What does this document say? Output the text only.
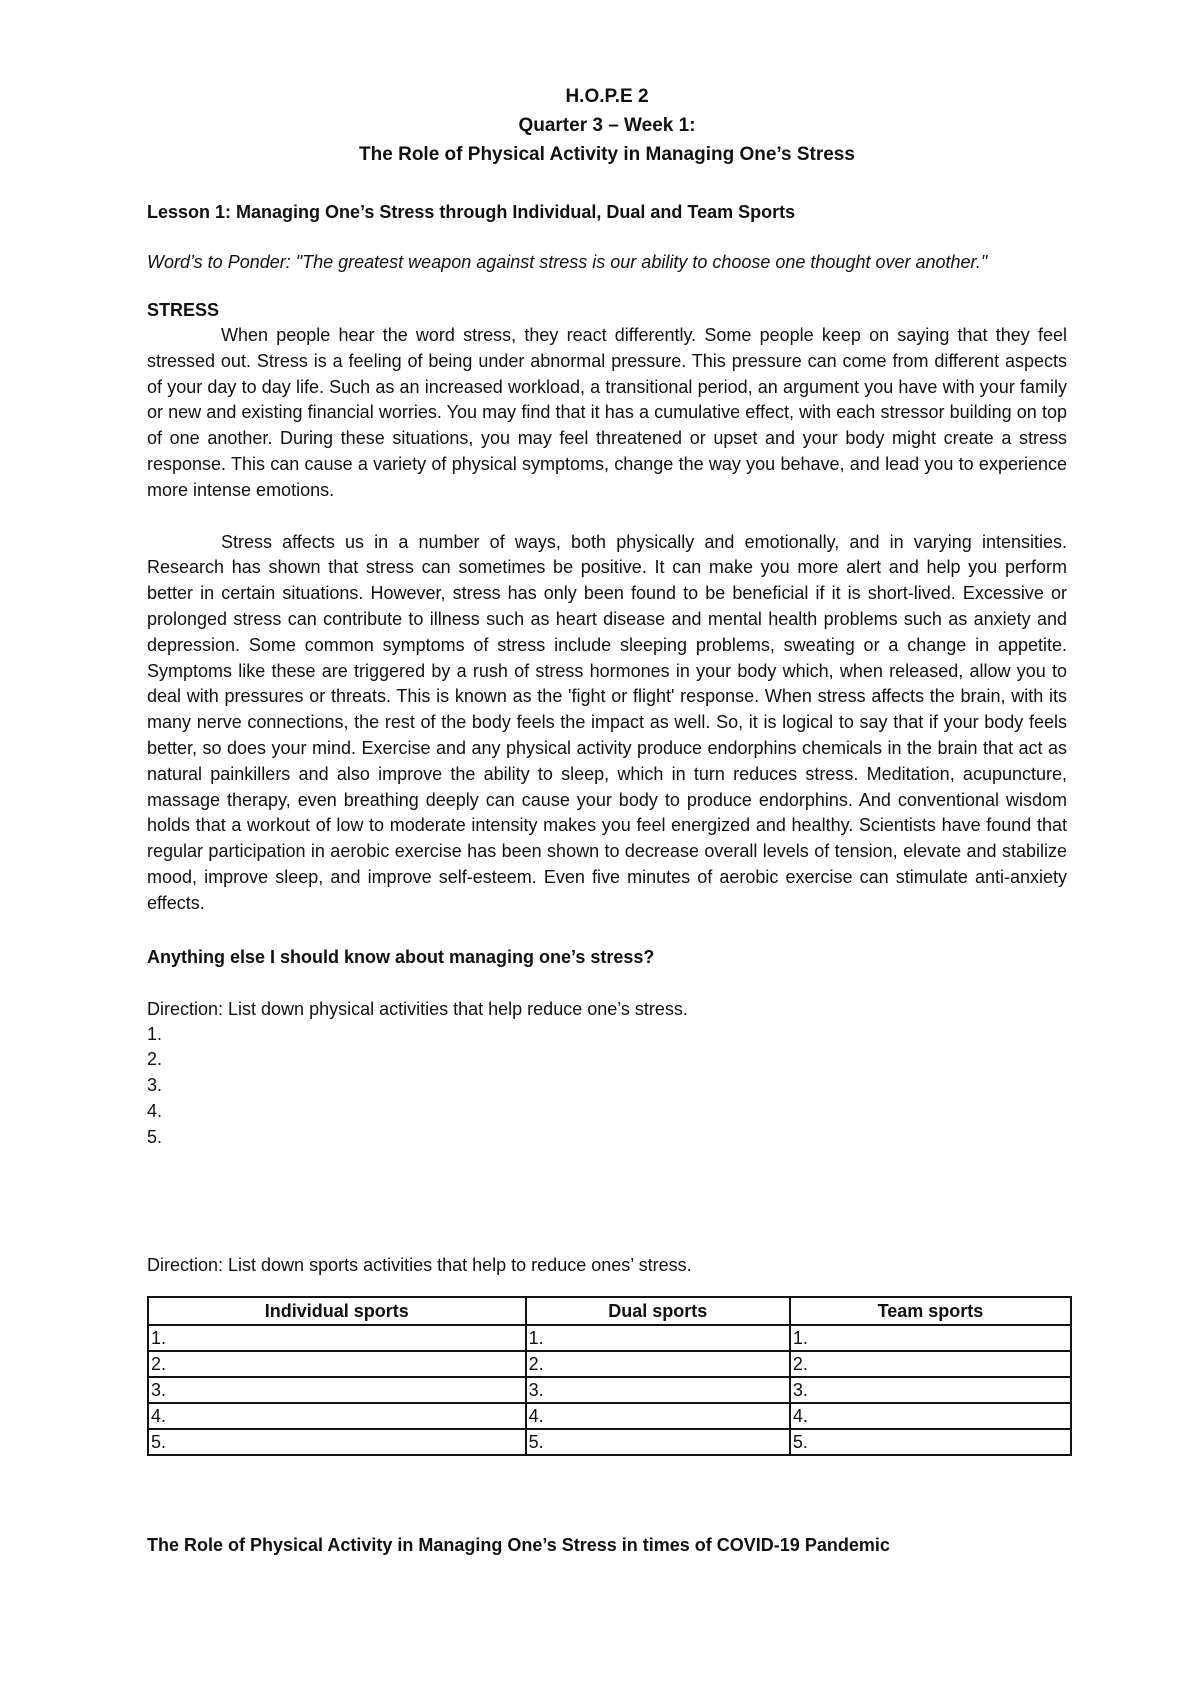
H.O.P.E 2
Quarter 3 – Week 1:
The Role of Physical Activity in Managing One’s Stress
Lesson 1: Managing One’s Stress through Individual, Dual and Team Sports
Word’s to Ponder: "The greatest weapon against stress is our ability to choose one thought over another."
STRESS

When people hear the word stress, they react differently. Some people keep on saying that they feel stressed out. Stress is a feeling of being under abnormal pressure. This pressure can come from different aspects of your day to day life. Such as an increased workload, a transitional period, an argument you have with your family or new and existing financial worries. You may find that it has a cumulative effect, with each stressor building on top of one another. During these situations, you may feel threatened or upset and your body might create a stress response. This can cause a variety of physical symptoms, change the way you behave, and lead you to experience more intense emotions.

Stress affects us in a number of ways, both physically and emotionally, and in varying intensities. Research has shown that stress can sometimes be positive. It can make you more alert and help you perform better in certain situations. However, stress has only been found to be beneficial if it is short-lived. Excessive or prolonged stress can contribute to illness such as heart disease and mental health problems such as anxiety and depression. Some common symptoms of stress include sleeping problems, sweating or a change in appetite. Symptoms like these are triggered by a rush of stress hormones in your body which, when released, allow you to deal with pressures or threats. This is known as the 'fight or flight' response. When stress affects the brain, with its many nerve connections, the rest of the body feels the impact as well. So, it is logical to say that if your body feels better, so does your mind. Exercise and any physical activity produce endorphins chemicals in the brain that act as natural painkillers and also improve the ability to sleep, which in turn reduces stress. Meditation, acupuncture, massage therapy, even breathing deeply can cause your body to produce endorphins. And conventional wisdom holds that a workout of low to moderate intensity makes you feel energized and healthy. Scientists have found that regular participation in aerobic exercise has been shown to decrease overall levels of tension, elevate and stabilize mood, improve sleep, and improve self-esteem. Even five minutes of aerobic exercise can stimulate anti-anxiety effects.

Anything else I should know about managing one’s stress?
Direction: List down physical activities that help reduce one’s stress.
1.
2.
3.
4.
5.
Direction: List down sports activities that help to reduce ones’ stress.
Individual sports	Dual sports	Team sports
1.	1.	1.
2.	2.	2.
3.	3.	3.
4.	4.	4.
5.	5.	5.
The Role of Physical Activity in Managing One’s Stress in times of COVID-19 Pandemic
